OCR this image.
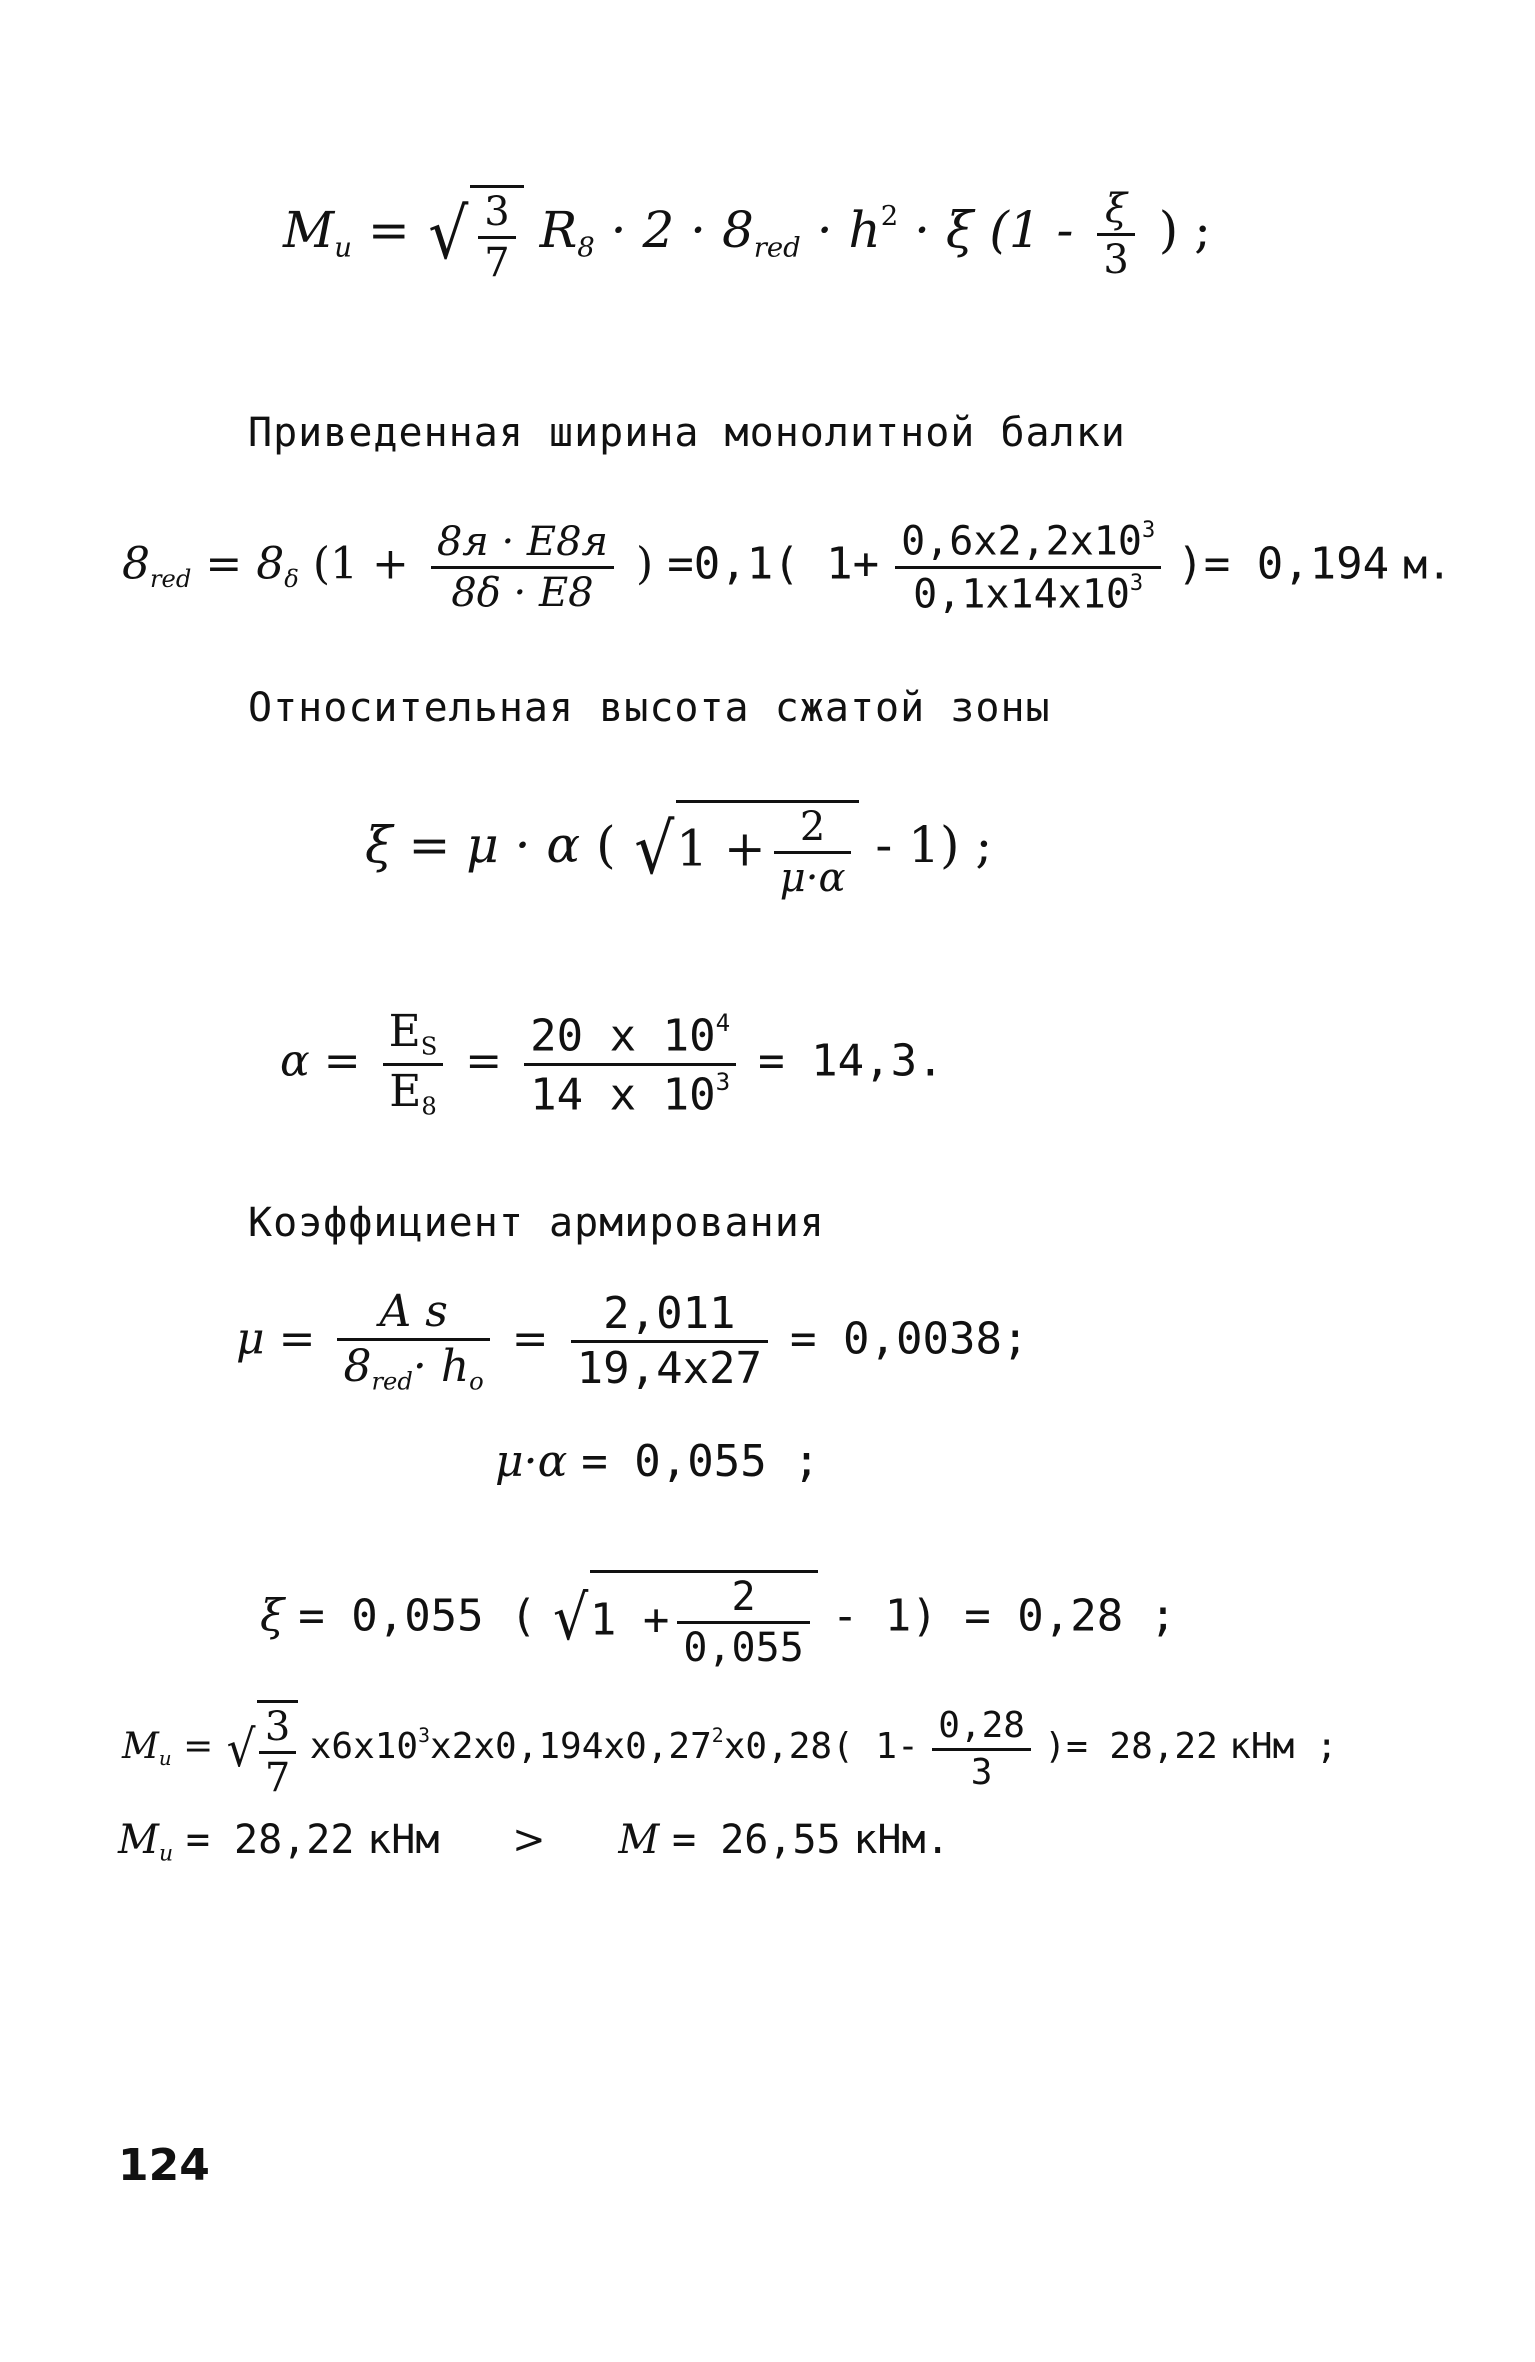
$M_u$ = √ $\frac{3}{7} R_8 \cdot 2 \cdot 8_{red} \cdot h^2 \cdot \xi$ ($1 - \frac{\xi}{3}$ ) ;
Приведенная ширина монолитной балки
$8_{red} = 8_\delta$ ($1 + \frac{8я \cdot Е8я}{8\delta \cdot Е8}$ ) =0,1( $1+ \frac{0,6x2,2x10^3}{0,1x14x10^3}$ )= 0,194 м.
Относительная высота сжатой зоны
ξ = μ · α ( $√1 + \frac{2}{\mu\cdot\alpha} - 1$) ;
$\alpha = \frac{E_S}{E_8} = \frac{20 x 10^4}{14 x 10^3} = 14,3$.
Коэффициент армирования
$\mu = \frac{\text{A s}}{8_{red}\cdot h_o} = \frac{2,011}{19,4x27} = 0,0038$;
μ·α = 0,055 ;
ξ = 0,055 ( $√1 + \frac{2}{0,055} - 1) = 0,28$ ;
$M_u$ = √ $\frac{3}{7} x6x10^3x2x0,194x0,27^2x0,28$( $1- \frac{0,28}{3}$ )= 28,22 кНм ;
$M_u = 28,22$ кНм > M = 26,55 кНм.
124
